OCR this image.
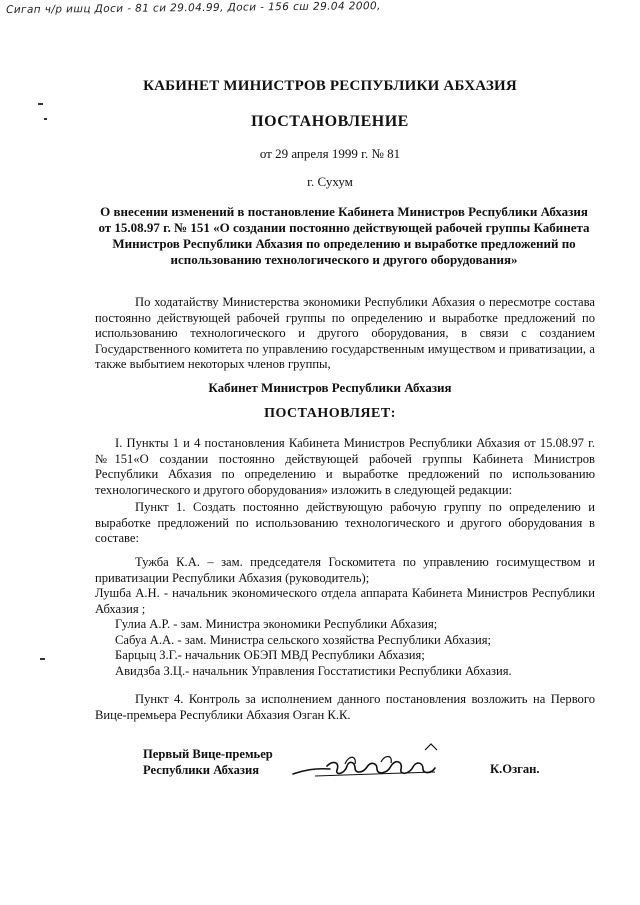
Сигап ч/р ишц Доси - 81 си 29.04.99, Доси - 156 сш 29.04 2000,
КАБИНЕТ МИНИСТРОВ РЕСПУБЛИКИ АБХАЗИЯ
ПОСТАНОВЛЕНИЕ
от 29 апреля 1999 г. № 81
г. Сухум
О внесении изменений в постановление Кабинета Министров Республики Абхазия
от 15.08.97 г. № 151 «О создании постоянно действующей рабочей группы Кабинета
Министров Республики Абхазия по определению и выработке предложений по
использованию технологического и другого оборудования»
По ходатайству Министерства экономики Республики Абхазия о пересмотре состава постоянно действующей рабочей группы по определению и выработке предложений по использованию технологического и другого оборудования, в связи с созданием Государственного комитета по управлению государственным имуществом и приватизации, а также выбытием некоторых членов группы,
Кабинет Министров Республики Абхазия
ПОСТАНОВЛЯЕТ:
I. Пункты 1 и 4 постановления Кабинета Министров Республики Абхазия от 15.08.97 г. №151«О создании постоянно действующей рабочей группы Кабинета Министров Республики Абхазия по определению и выработке предложений по использованию технологического и другого оборудования» изложить в следующей редакции:
Пункт 1. Создать постоянно действующую рабочую группу по определению и выработке предложений по использованию технологического и другого оборудования в составе:
Тужба К.А. – зам. председателя Госкомитета по управлению госимуществом и приватизации Республики Абхазия (руководитель);
Лушба А.Н. - начальник экономического отдела аппарата Кабинета Министров Республики Абхазия ;
Гулиа А.Р. - зам. Министра экономики Республики Абхазия;
Сабуа А.А. - зам. Министра сельского хозяйства Республики Абхазия;
Барцыц З.Г.- начальник ОБЭП МВД Республики Абхазия;
Авидзба З.Ц.- начальник Управления Госстатистики Республики Абхазия.
Пункт 4. Контроль за исполнением данного постановления возложить на Первого Вице-премьера Республики Абхазия Озган К.К.
Первый Вице-премьер
Республики Абхазия	К.Озган.
